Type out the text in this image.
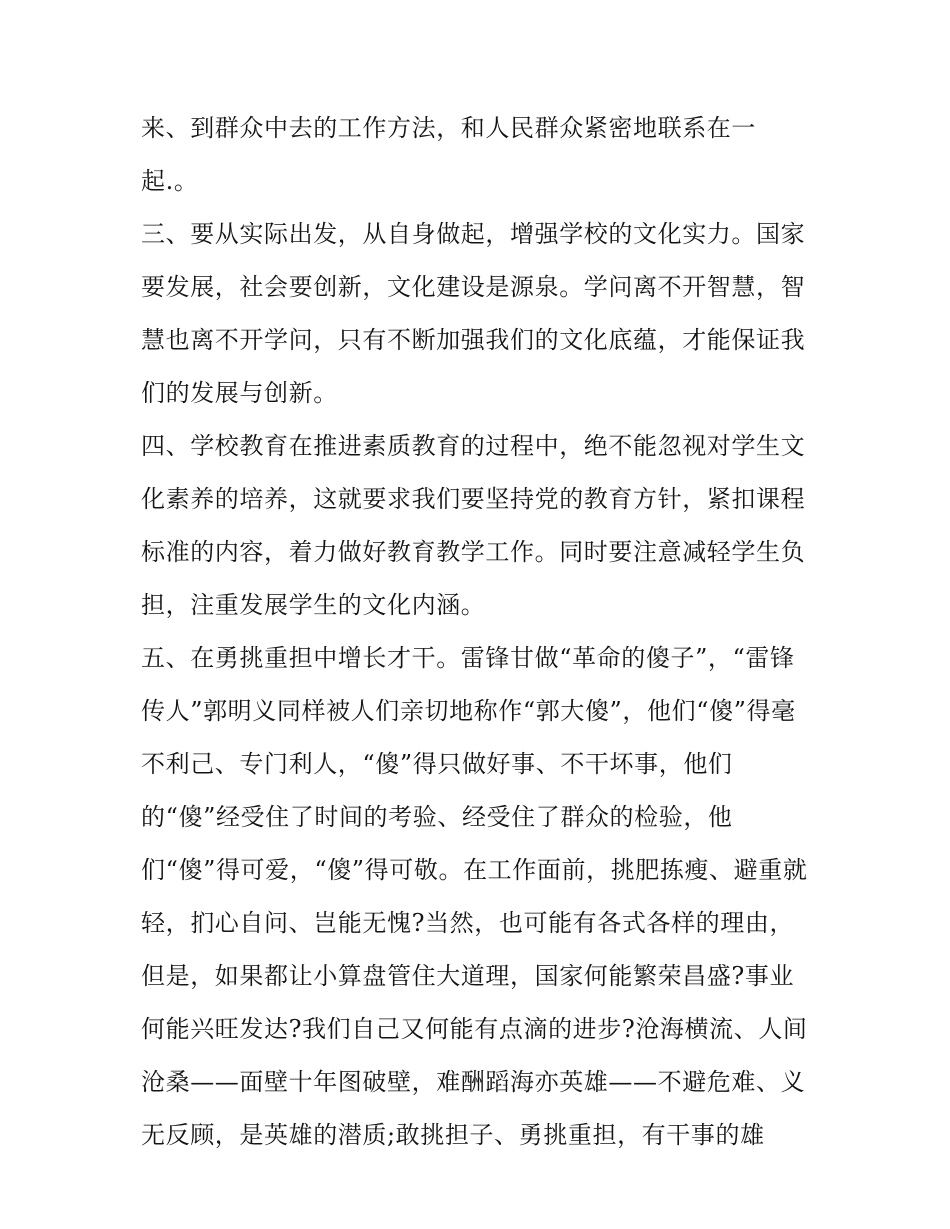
来、到群众中去的工作方法，和人民群众紧密地联系在一
起.。
三、要从实际出发，从自身做起，增强学校的文化实力。国家
要发展，社会要创新，文化建设是源泉。学问离不开智慧，智
慧也离不开学问，只有不断加强我们的文化底蕴，才能保证我
们的发展与创新。
四、学校教育在推进素质教育的过程中，绝不能忽视对学生文
化素养的培养，这就要求我们要坚持党的教育方针，紧扣课程
标准的内容，着力做好教育教学工作。同时要注意减轻学生负
担，注重发展学生的文化内涵。
五、在勇挑重担中增长才干。雷锋甘做“革命的傻子”，“雷锋
传人”郭明义同样被人们亲切地称作“郭大傻”，他们“傻”得毫
不利己、专门利人，“傻”得只做好事、不干坏事，他们
的“傻”经受住了时间的考验、经受住了群众的检验，他
们“傻”得可爱，“傻”得可敬。在工作面前，挑肥拣瘦、避重就
轻，扪心自问、岂能无愧?当然，也可能有各式各样的理由，
但是，如果都让小算盘管住大道理，国家何能繁荣昌盛?事业
何能兴旺发达?我们自己又何能有点滴的进步?沧海横流、人间
沧桑——面壁十年图破壁，难酬蹈海亦英雄——不避危难、义
无反顾，是英雄的潜质;敢挑担子、勇挑重担，有干事的雄
